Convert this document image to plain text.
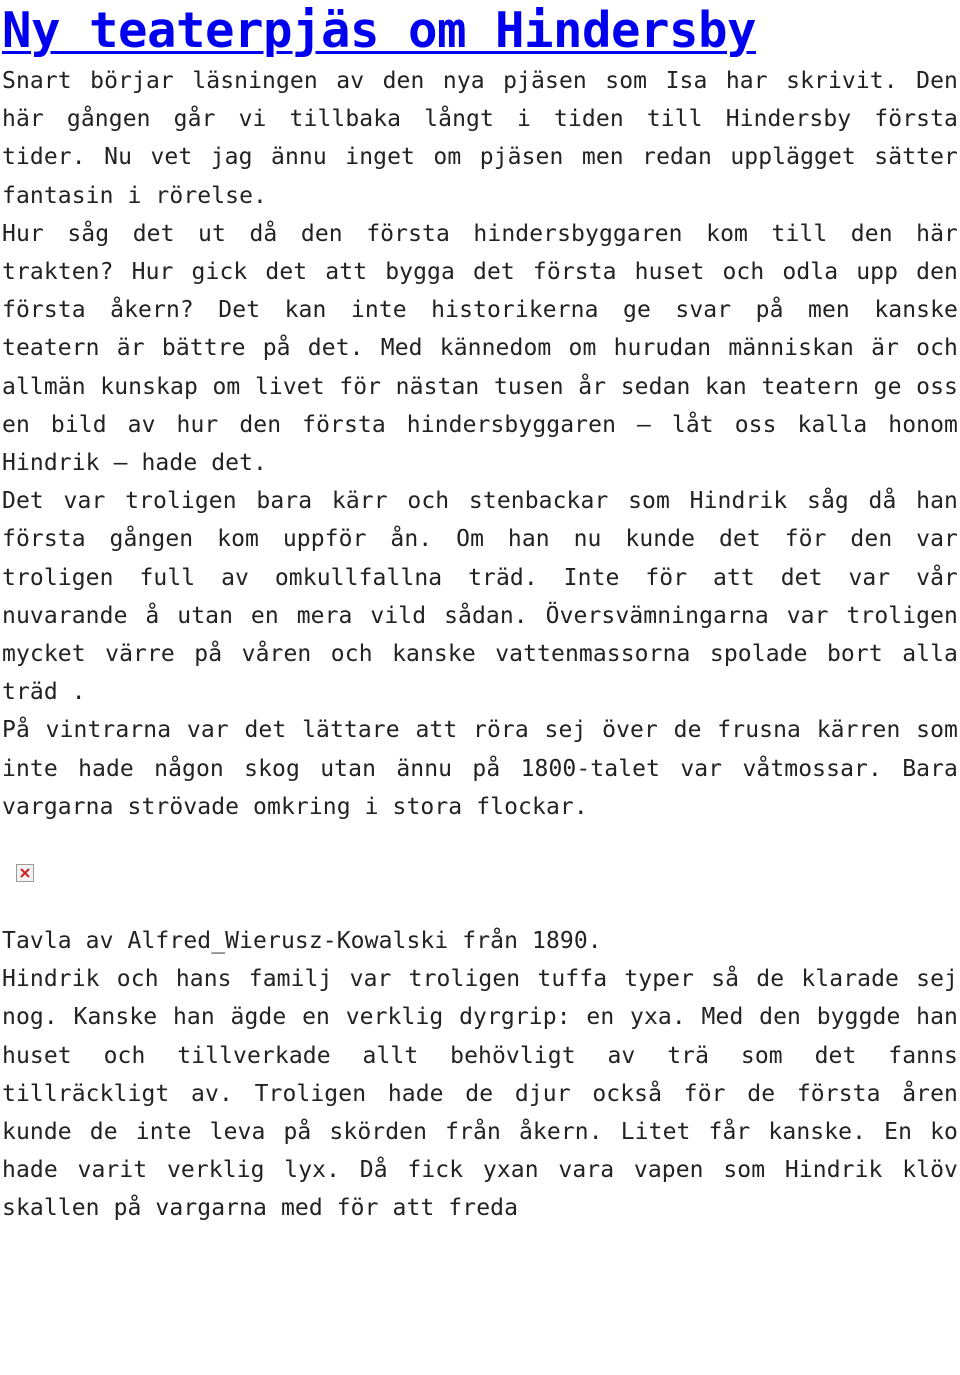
Ny teaterpjäs om Hindersby

Snart börjar läsningen av den nya pjäsen som Isa har skrivit. Den här gången går vi tillbaka långt i tiden till Hindersby första tider. Nu vet jag ännu inget om pjäsen men redan upplägget sätter fantasin i rörelse.

Hur såg det ut då den första hindersbyggaren kom till den här trakten? Hur gick det att bygga det första huset och odla upp den första åkern? Det kan inte historikerna ge svar på men kanske teatern är bättre på det. Med kännedom om hurudan människan är och allmän kunskap om livet för nästan tusen år sedan kan teatern ge oss en bild av hur den första hindersbyggaren – låt oss kalla honom Hindrik – hade det.

Det var troligen bara kärr och stenbackar som Hindrik såg då han första gången kom uppför ån. Om han nu kunde det för den var troligen full av omkullfallna träd. Inte för att det var vår nuvarande å utan en mera vild sådan. Översvämningarna var troligen mycket värre på våren och kanske vattenmassorna spolade bort alla träd .

På vintrarna var det lättare att röra sej över de frusna kärren som inte hade någon skog utan ännu på 1800-talet var våtmossar. Bara vargarna strövade omkring i stora flockar.

Tavla av Alfred_Wierusz-Kowalski från 1890.

Hindrik och hans familj var troligen tuffa typer så de klarade sej nog. Kanske han ägde en verklig dyrgrip: en yxa. Med den byggde han huset och tillverkade allt behövligt av trä som det fanns tillräckligt av. Troligen hade de djur också för de första åren kunde de inte leva på skörden från åkern. Litet får kanske. En ko hade varit verklig lyx. Då fick yxan vara vapen som Hindrik klöv skallen på vargarna med för att freda
